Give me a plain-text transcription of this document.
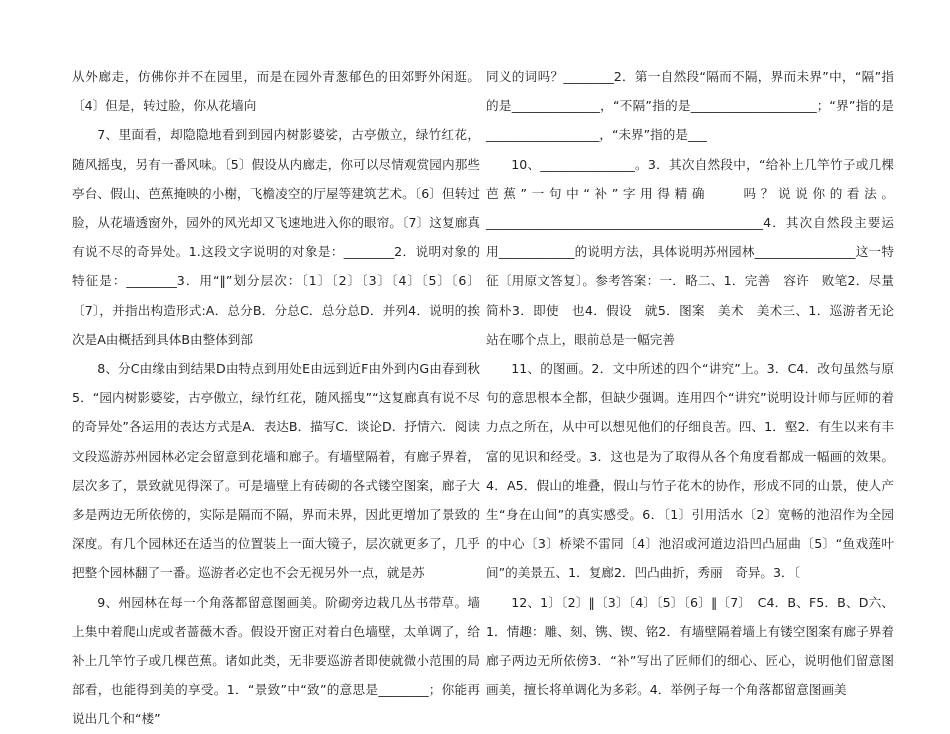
从外廊走，仿佛你并不在园里，而是在园外青葱郁色的田郊野外闲逛。〔4〕但是，转过脸，你从花墙向

7、里面看，却隐隐地看到到园内树影婆娑，古亭傲立，绿竹红花，随风摇曳，另有一番风味。〔5〕假设从内廊走，你可以尽情观赏园内那些亭台、假山、芭蕉掩映的小榭，飞檐凌空的厅屋等建筑艺术。〔6〕但转过脸，从花墙透窗外，园外的风光却又飞速地进入你的眼帘。〔7〕这复廊真有说不尽的奇异处。1.这段文字说明的对象是：________2．说明对象的特征是：________3．用“‖”划分层次：〔1〕〔2〕〔3〕〔4〕〔5〕〔6〕〔7〕，并指出构造形式:A．总分B．分总C．总分总D．并列4．说明的挨次是A由概括到具体B由整体到部

8、分C由缘由到结果D由特点到用处E由远到近F由外到内G由春到秋 5．“园内树影婆娑，古亭傲立，绿竹红花，随风摇曳”“这复廊真有说不尽的奇异处”各运用的表达方式是A．表达B．描写C．谈论D．抒情六．阅读文段巡游苏州园林必定会留意到花墙和廊子。有墙壁隔着，有廊子界着，层次多了，景致就见得深了。可是墙壁上有砖砌的各式镂空图案，廊子大多是两边无所依傍的，实际是隔而不隔，界而未界，因此更增加了景致的深度。有几个园林还在适当的位置装上一面大镜子，层次就更多了，几乎把整个园林翻了一番。巡游者必定也不会无视另外一点，就是苏

9、州园林在每一个角落都留意图画美。阶砌旁边栽几丛书带草。墙上集中着爬山虎或者蔷薇木香。假设开窗正对着白色墙壁，太单调了，给补上几竿竹子或几棵芭蕉。诸如此类，无非要巡游者即使就微小范围的局部看，也能得到美的享受。1．“景致”中“致”的意思是________；你能再说出几个和“楼”

同义的词吗？________2．第一自然段“隔而不隔，界而未界”中，“隔”指的是______________，“不隔”指的是____________________；“界”指的是__________________，“未界”指的是___

10、_______________。3．其次自然段中，“给补上几竿竹子或几棵芭蕉”一句中“补”字用得精确　　吗？说说你的看法。____________________________________________4．其次自然段主要运用____________的说明方法，具体说明苏州园林________________这一特征〔用原文答复〕。参考答案：一．略二、1．完善　容许　败笔2．尽量　简朴3．即使　也4．假设　就5．图案　美术　美术三、1．巡游者无论站在哪个点上，眼前总是一幅完善

11、的图画。2．文中所述的四个“讲究”上。3．C4．改句虽然与原句的意思根本全都，但缺少强调。连用四个“讲究”说明设计师与匠师的着力点之所在，从中可以想见他们的仔细良苦。四、1．壑2．有生以来有丰富的见识和经受。3．这也是为了取得从各个角度看都成一幅画的效果。4．A5．假山的堆叠，假山与竹子花木的协作，形成不同的山景，使人产生“身在山间”的真实感受。6．〔1〕引用活水〔2〕宽畅的池沼作为全园的中心〔3〕桥梁不雷同〔4〕池沼或河道边沿凹凸屈曲〔5〕“鱼戏莲叶间”的美景五、1．复廊2．凹凸曲折，秀丽　奇异。3．〔

12、1〕〔2〕‖〔3〕〔4〕〔5〕〔6〕‖〔7〕　C4．B、F5．B、D六、1．情趣：雕、刻、镌、锲、铭2．有墙壁隔着墙上有镂空图案有廊子界着廊子两边无所依傍3．“补”写出了匠师们的细心、匠心，说明他们留意图画美，擅长将单调化为多彩。4．举例子每一个角落都留意图画美
